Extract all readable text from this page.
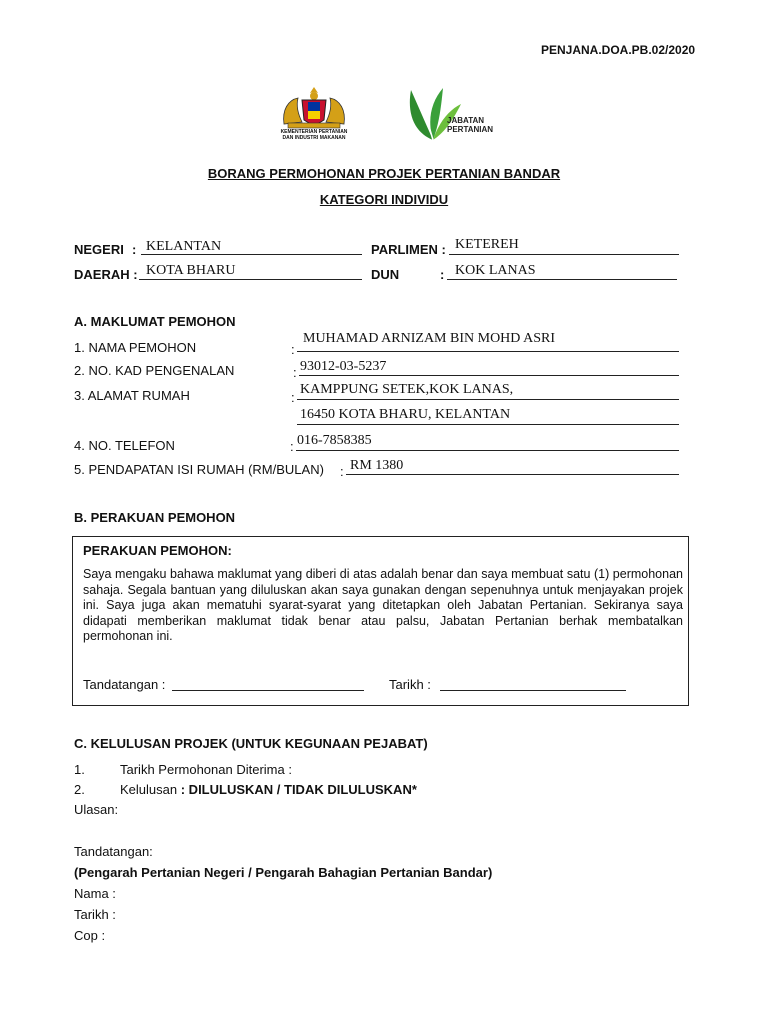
PENJANA.DOA.PB.02/2020
KEMENTERIAN PERTANIAN
DAN INDUSTRI MAKANAN
JABATAN
PERTANIAN
BORANG PERMOHONAN PROJEK PERTANIAN BANDAR
KATEGORI INDIVIDU
NEGERI : KELANTAN	PARLIMEN : KETEREH
DAERAH : KOTA BHARU	DUN	: KOK LANAS
A. MAKLUMAT PEMOHON
1. NAMA PEMOHON	:
MUHAMAD ARNIZAM BIN MOHD ASRI
2. NO. KAD PENGENALAN	: 93012-03-5237
3. ALAMAT RUMAH	:
KAMPPUNG SETEK,KOK LANAS,
16450 KOTA BHARU, KELANTAN
4. NO. TELEFON	: 016-7858385
5. PENDAPATAN ISI RUMAH (RM/BULAN) : RM 1380
B. PERAKUAN PEMOHON
PERAKUAN PEMOHON:
Saya mengaku bahawa maklumat yang diberi di atas adalah benar dan saya membuat satu (1) permohonan sahaja. Segala bantuan yang diluluskan akan saya gunakan dengan sepenuhnya untuk menjayakan projek ini. Saya juga akan mematuhi syarat-syarat yang ditetapkan oleh Jabatan Pertanian. Sekiranya saya didapati memberikan maklumat tidak benar atau palsu, Jabatan Pertanian berhak membatalkan permohonan ini.
Tandatangan :	Tarikh :
C. KELULUSAN PROJEK (UNTUK KEGUNAAN PEJABAT)
1.	Tarikh Permohonan Diterima :
2.	Kelulusan : DILULUSKAN / TIDAK DILULUSKAN*
Ulasan:
Tandatangan:
(Pengarah Pertanian Negeri / Pengarah Bahagian Pertanian Bandar)
Nama :
Tarikh :
Cop :
